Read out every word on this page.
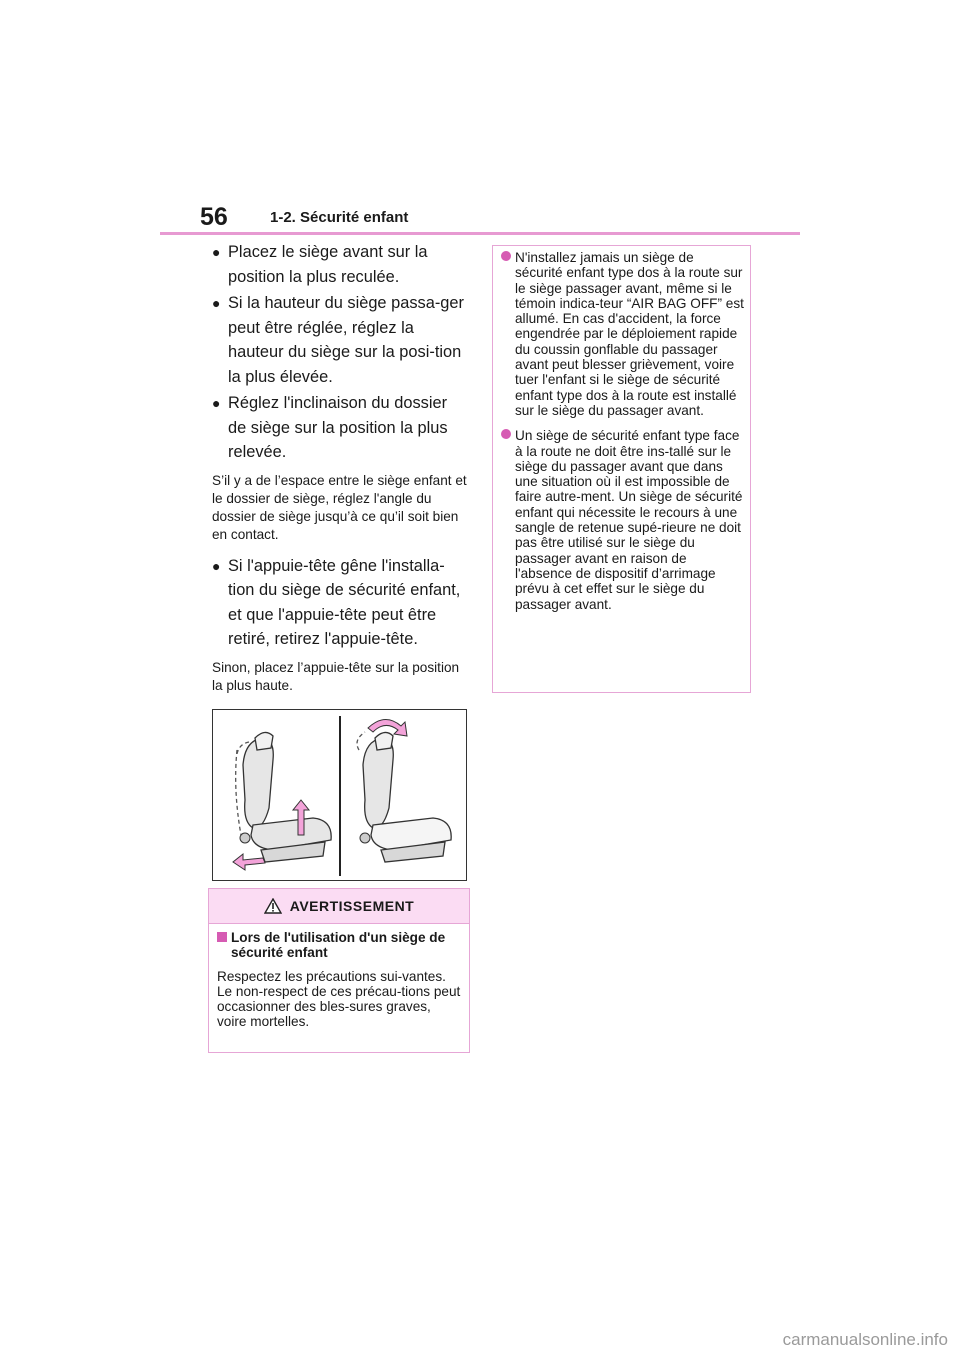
56	1-2. Sécurité enfant
● Placez le siège avant sur la position la plus reculée.
● Si la hauteur du siège passa-ger peut être réglée, réglez la hauteur du siège sur la posi-tion la plus élevée.
● Réglez l'inclinaison du dossier de siège sur la position la plus relevée.
S’il y a de l’espace entre le siège enfant et le dossier de siège, réglez l'angle du dossier de siège jusqu’à ce qu’il soit bien en contact.
● Si l'appuie-tête gêne l'installa-tion du siège de sécurité enfant, et que l'appuie-tête peut être retiré, retirez l'appuie-tête.
Sinon, placez l’appuie-tête sur la position la plus haute.
AVERTISSEMENT
Lors de l'utilisation d'un siège de sécurité enfant
Respectez les précautions sui-vantes.
Le non-respect de ces précau-tions peut occasionner des bles-sures graves, voire mortelles.
N'installez jamais un siège de sécurité enfant type dos à la route sur le siège passager avant, même si le témoin indica-teur “AIR BAG OFF” est allumé. En cas d'accident, la force engendrée par le déploiement rapide du coussin gonflable du passager avant peut blesser grièvement, voire tuer l'enfant si le siège de sécurité enfant type dos à la route est installé sur le siège du passager avant.
Un siège de sécurité enfant type face à la route ne doit être ins-tallé sur le siège du passager avant que dans une situation où il est impossible de faire autre-ment. Un siège de sécurité enfant qui nécessite le recours à une sangle de retenue supé-rieure ne doit pas être utilisé sur le siège du passager avant en raison de l'absence de dispositif d’arrimage prévu à cet effet sur le siège du passager avant.
carmanualsonline.info
